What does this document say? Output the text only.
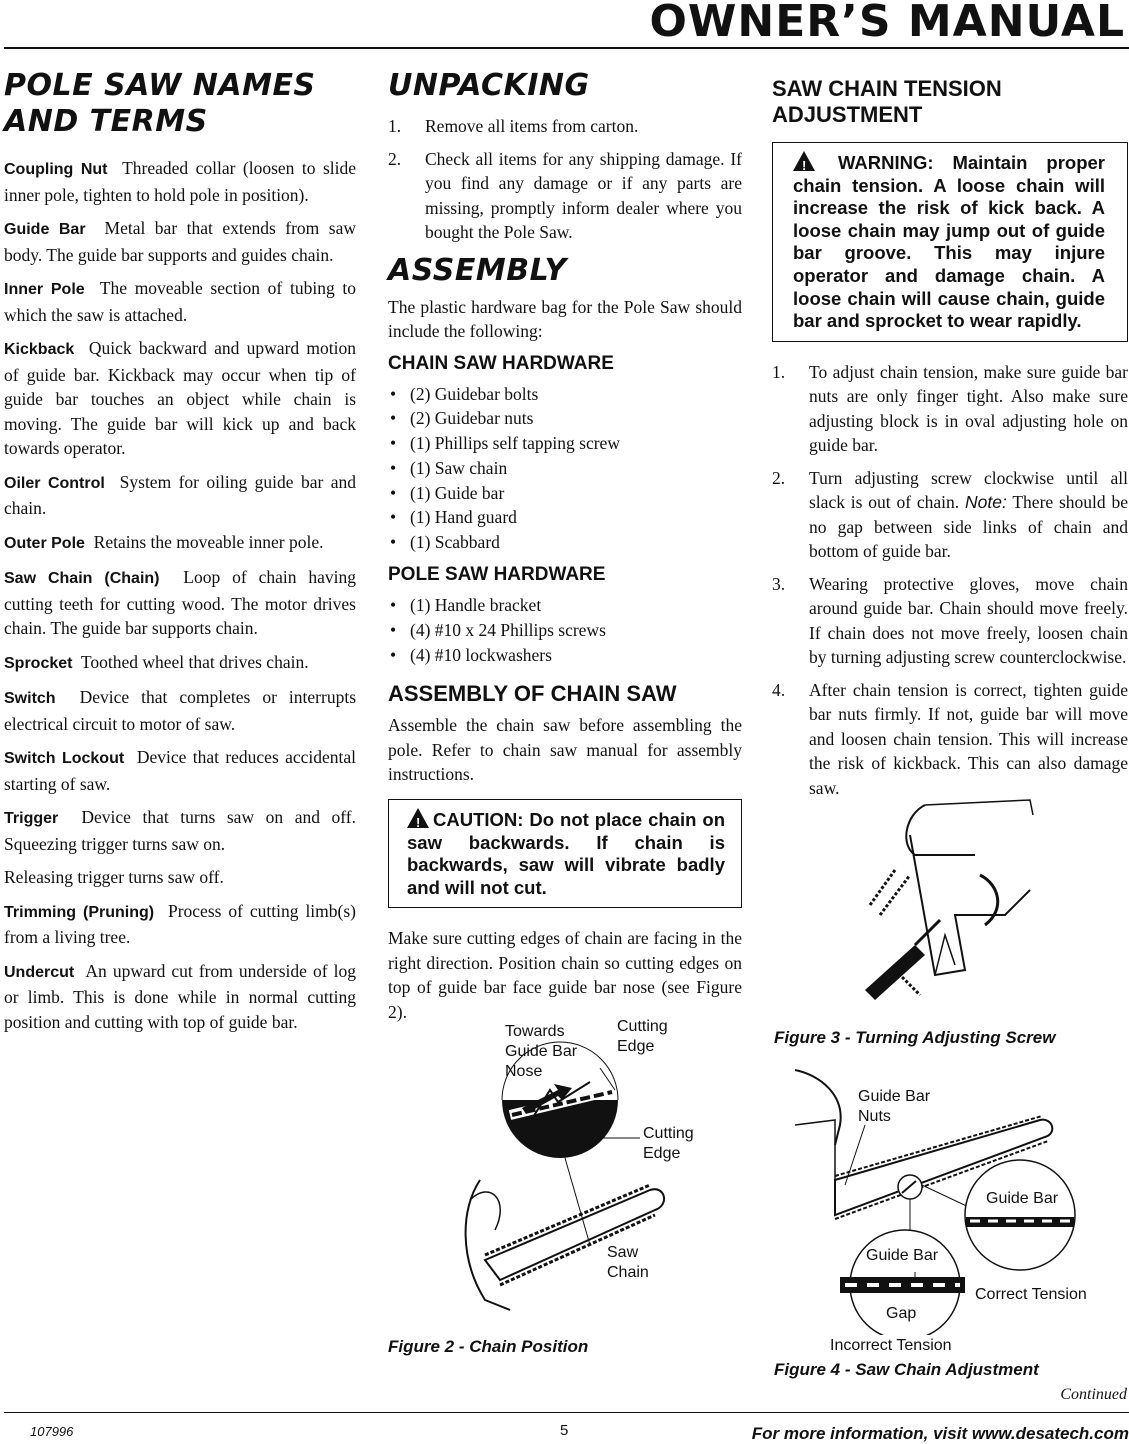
OWNER’S MANUAL
POLE SAW NAMES AND TERMS

Coupling Nut Threaded collar (loosen to slide inner pole, tighten to hold pole in position).

Guide Bar Metal bar that extends from saw body. The guide bar supports and guides chain.

Inner Pole The moveable section of tubing to which the saw is attached.

Kickback Quick backward and upward motion of guide bar. Kickback may occur when tip of guide bar touches an object while chain is moving. The guide bar will kick up and back towards operator.

Oiler Control System for oiling guide bar and chain.

Outer Pole Retains the moveable inner pole.

Saw Chain (Chain) Loop of chain having cutting teeth for cutting wood. The motor drives chain. The guide bar supports chain.

Sprocket Toothed wheel that drives chain.

Switch Device that completes or interrupts electrical circuit to motor of saw.

Switch Lockout Device that reduces accidental starting of saw.

Trigger Device that turns saw on and off. Squeezing trigger turns saw on.

Releasing trigger turns saw off.

Trimming (Pruning) Process of cutting limb(s) from a living tree.

Undercut An upward cut from underside of log or limb. This is done while in normal cutting position and cutting with top of guide bar.

UNPACKING
1. Remove all items from carton.
2. Check all items for any shipping damage. If you find any damage or if any parts are missing, promptly inform dealer where you bought the Pole Saw.
ASSEMBLY

The plastic hardware bag for the Pole Saw should include the following:

CHAIN SAW HARDWARE
• (2) Guidebar bolts
• (2) Guidebar nuts
• (1) Phillips self tapping screw
• (1) Saw chain
• (1) Guide bar
• (1) Hand guard
• (1) Scabbard
POLE SAW HARDWARE
• (1) Handle bracket
• (4) #10 x 24 Phillips screws
• (4) #10 lockwashers
ASSEMBLY OF CHAIN SAW

Assemble the chain saw before assembling the pole. Refer to chain saw manual for assembly instructions.

! CAUTION: Do not place chain on saw backwards. If chain is backwards, saw will vibrate badly and will not cut.

Make sure cutting edges of chain are facing in the right direction. Position chain so cutting edges on top of guide bar face guide bar nose (see Figure 2).

Towards Guide Bar Nose
Cutting Edge
Cutting Edge
Saw Chain
Figure 2 - Chain Position
SAW CHAIN TENSION ADJUSTMENT

! WARNING: Maintain proper chain tension. A loose chain will increase the risk of kick back. A loose chain may jump out of guide bar groove. This may injure operator and damage chain. A loose chain will cause chain, guide bar and sprocket to wear rapidly.

1. To adjust chain tension, make sure guide bar nuts are only finger tight. Also make sure adjusting block is in oval adjusting hole on guide bar.
2. Turn adjusting screw clockwise until all slack is out of chain. Note: There should be no gap between side links of chain and bottom of guide bar.
3. Wearing protective gloves, move chain around guide bar. Chain should move freely. If chain does not move freely, loosen chain by turning adjusting screw counterclockwise.
4. After chain tension is correct, tighten guide bar nuts firmly. If not, guide bar will move and loosen chain tension. This will increase the risk of kickback. This can also damage saw.
Figure 3 - Turning Adjusting Screw
Guide Bar Nuts
Guide Bar
Guide Bar
Correct Tension
Gap
Incorrect Tension
Figure 4 - Saw Chain Adjustment
Continued
107996	5	For more information, visit www.desatech.com
